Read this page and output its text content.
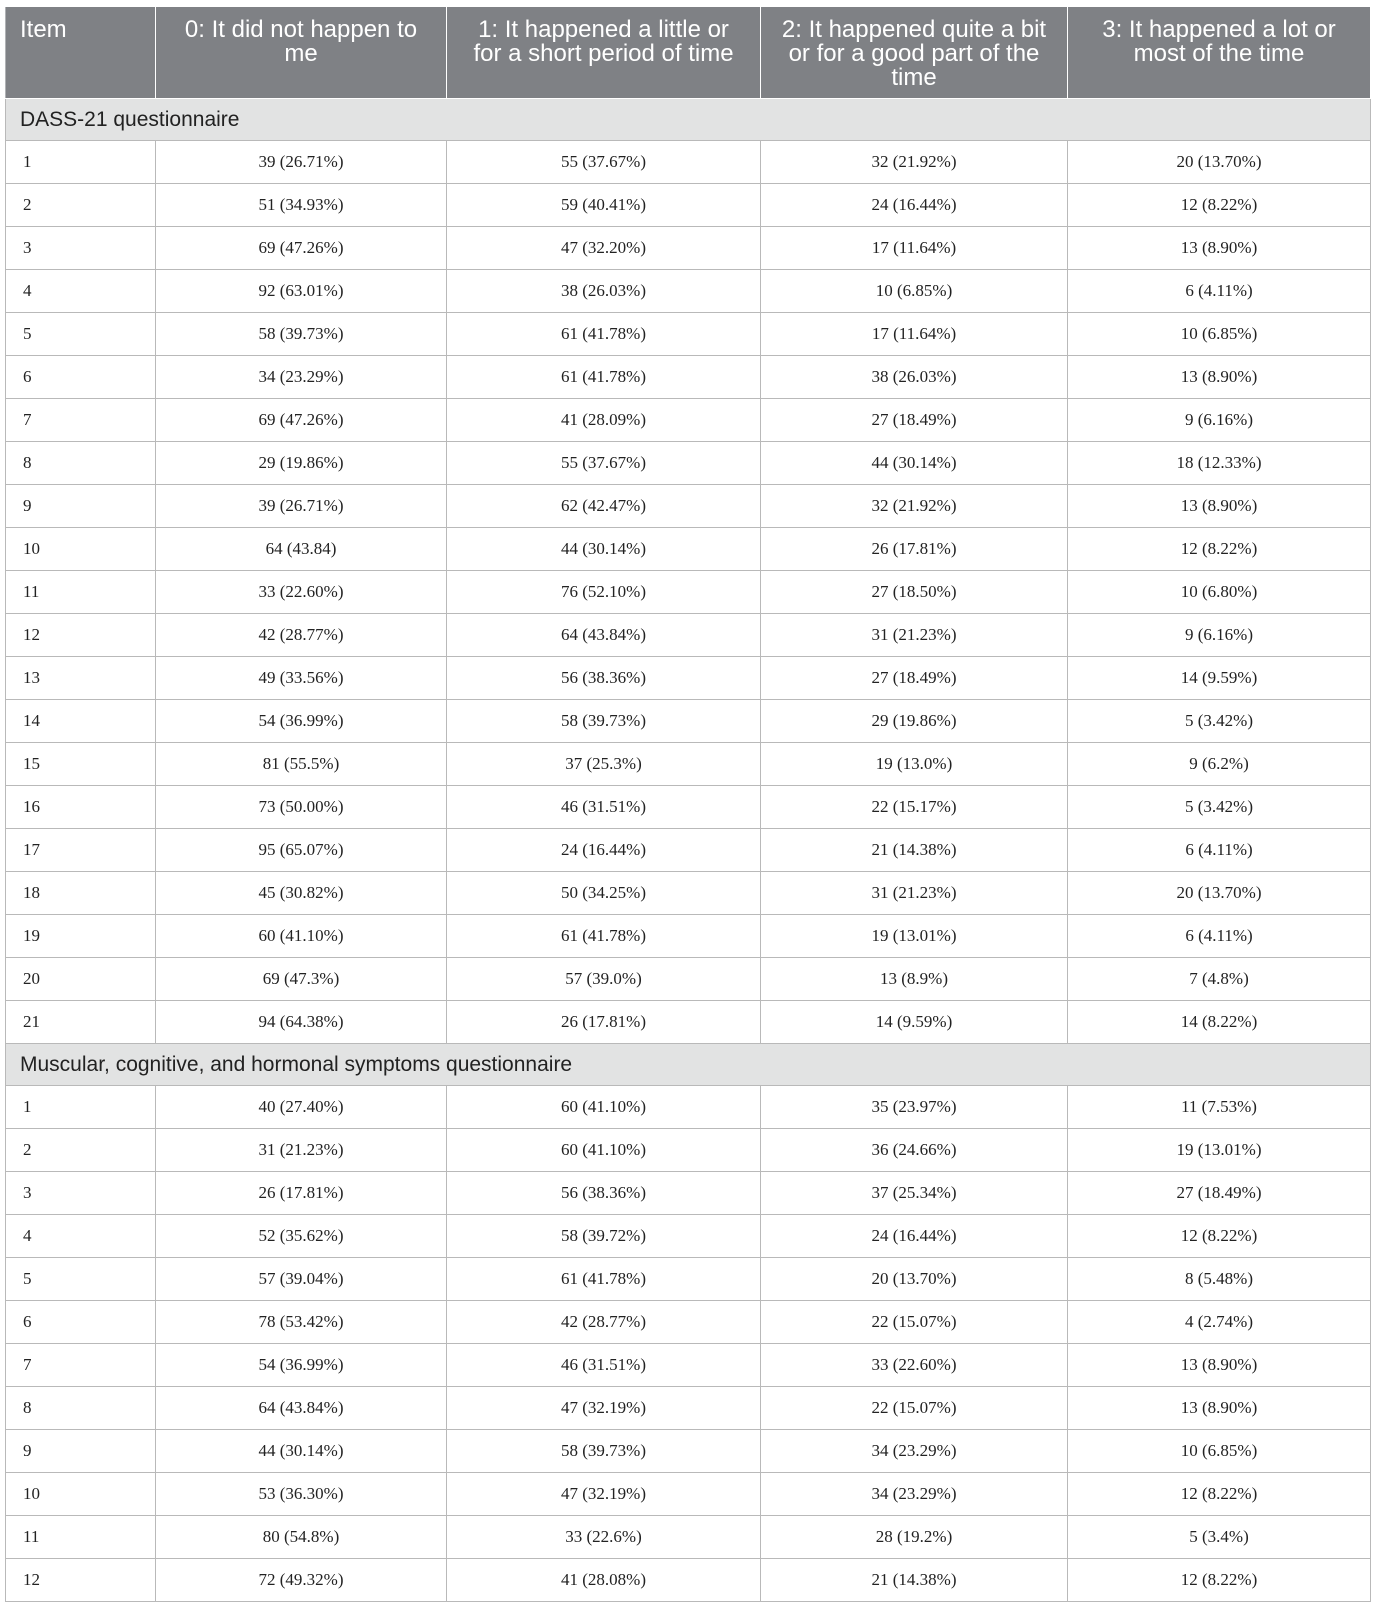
Item	0: It did not happen to me	1: It happened a little or for a short period of time	2: It happened quite a bit or for a good part of the time	3: It happened a lot or most of the time
DASS-21 questionnaire				
1	39 (26.71%)	55 (37.67%)	32 (21.92%)	20 (13.70%)
2	51 (34.93%)	59 (40.41%)	24 (16.44%)	12 (8.22%)
3	69 (47.26%)	47 (32.20%)	17 (11.64%)	13 (8.90%)
4	92 (63.01%)	38 (26.03%)	10 (6.85%)	6 (4.11%)
5	58 (39.73%)	61 (41.78%)	17 (11.64%)	10 (6.85%)
6	34 (23.29%)	61 (41.78%)	38 (26.03%)	13 (8.90%)
7	69 (47.26%)	41 (28.09%)	27 (18.49%)	9 (6.16%)
8	29 (19.86%)	55 (37.67%)	44 (30.14%)	18 (12.33%)
9	39 (26.71%)	62 (42.47%)	32 (21.92%)	13 (8.90%)
10	64 (43.84)	44 (30.14%)	26 (17.81%)	12 (8.22%)
11	33 (22.60%)	76 (52.10%)	27 (18.50%)	10 (6.80%)
12	42 (28.77%)	64 (43.84%)	31 (21.23%)	9 (6.16%)
13	49 (33.56%)	56 (38.36%)	27 (18.49%)	14 (9.59%)
14	54 (36.99%)	58 (39.73%)	29 (19.86%)	5 (3.42%)
15	81 (55.5%)	37 (25.3%)	19 (13.0%)	9 (6.2%)
16	73 (50.00%)	46 (31.51%)	22 (15.17%)	5 (3.42%)
17	95 (65.07%)	24 (16.44%)	21 (14.38%)	6 (4.11%)
18	45 (30.82%)	50 (34.25%)	31 (21.23%)	20 (13.70%)
19	60 (41.10%)	61 (41.78%)	19 (13.01%)	6 (4.11%)
20	69 (47.3%)	57 (39.0%)	13 (8.9%)	7 (4.8%)
21	94 (64.38%)	26 (17.81%)	14 (9.59%)	14 (8.22%)
Muscular, cognitive, and hormonal symptoms questionnaire				
1	40 (27.40%)	60 (41.10%)	35 (23.97%)	11 (7.53%)
2	31 (21.23%)	60 (41.10%)	36 (24.66%)	19 (13.01%)
3	26 (17.81%)	56 (38.36%)	37 (25.34%)	27 (18.49%)
4	52 (35.62%)	58 (39.72%)	24 (16.44%)	12 (8.22%)
5	57 (39.04%)	61 (41.78%)	20 (13.70%)	8 (5.48%)
6	78 (53.42%)	42 (28.77%)	22 (15.07%)	4 (2.74%)
7	54 (36.99%)	46 (31.51%)	33 (22.60%)	13 (8.90%)
8	64 (43.84%)	47 (32.19%)	22 (15.07%)	13 (8.90%)
9	44 (30.14%)	58 (39.73%)	34 (23.29%)	10 (6.85%)
10	53 (36.30%)	47 (32.19%)	34 (23.29%)	12 (8.22%)
11	80 (54.8%)	33 (22.6%)	28 (19.2%)	5 (3.4%)
12	72 (49.32%)	41 (28.08%)	21 (14.38%)	12 (8.22%)
